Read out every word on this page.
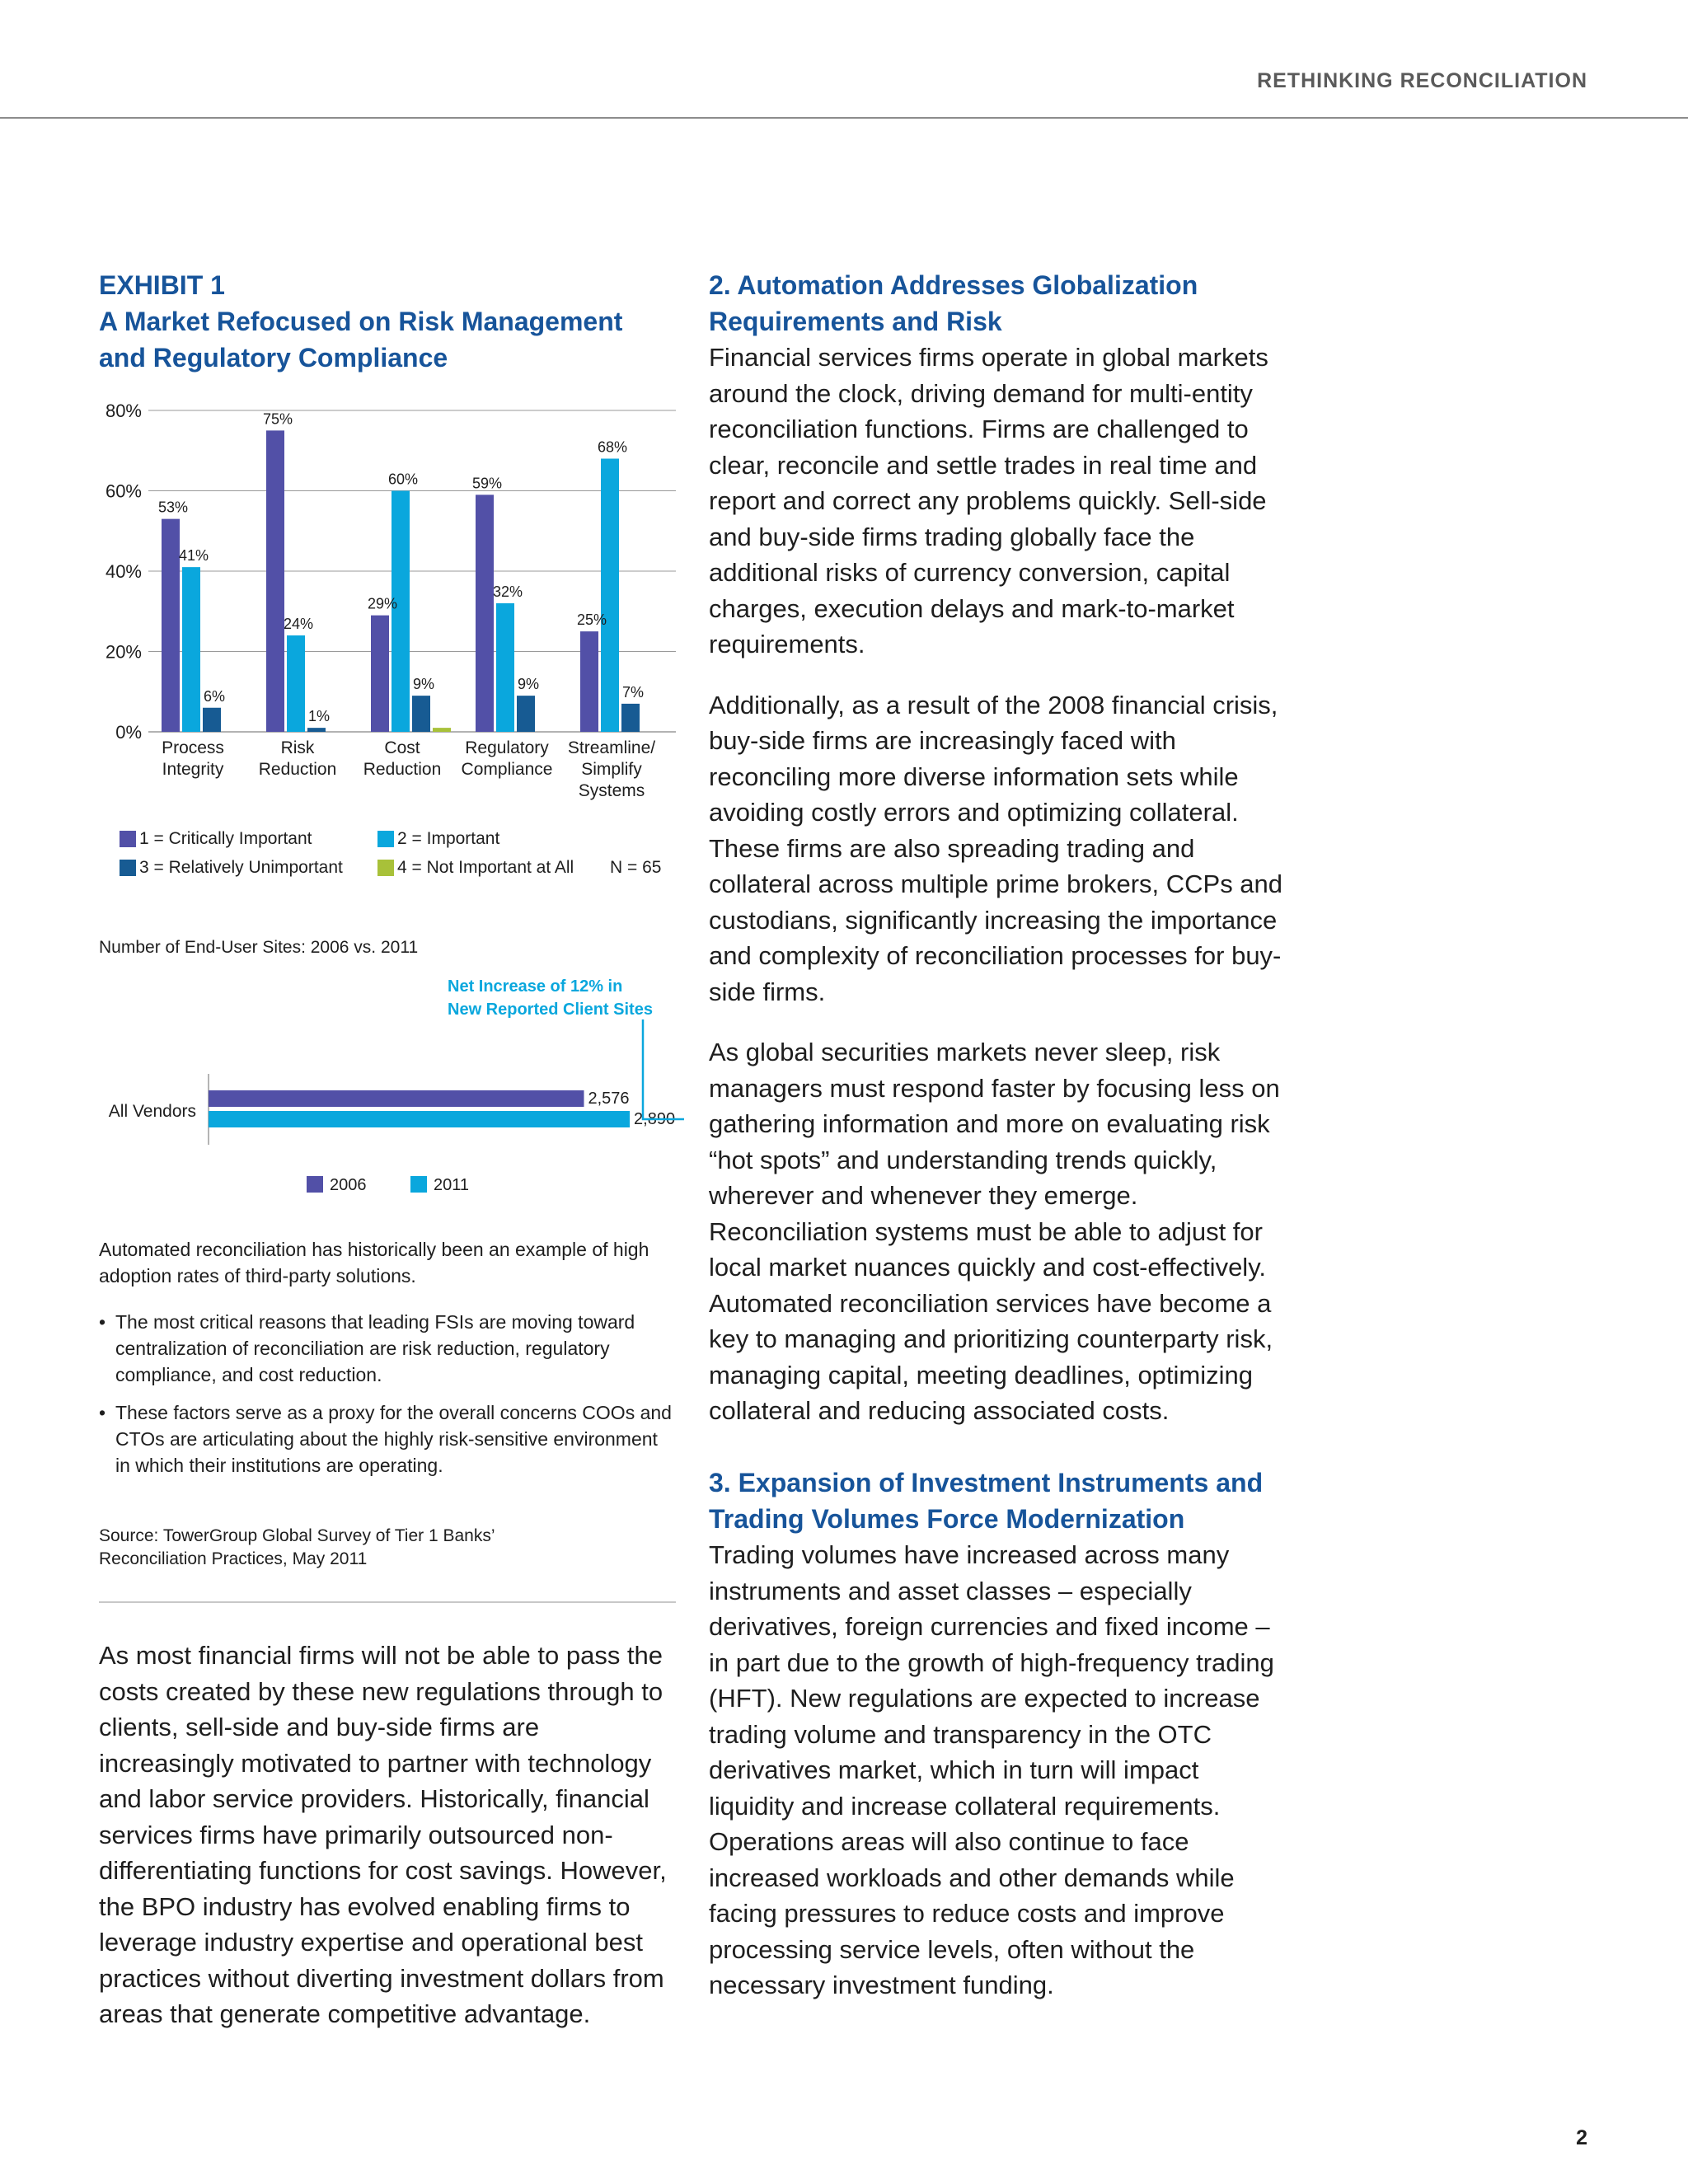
RETHINKING RECONCILIATION
EXHIBIT 1
A Market Refocused on Risk Management
and Regulatory Compliance
0%
20%
40%
60%
80%
53%
41%
6%
75%
24%
1%
29%
60%
9%
59%
32%
9%
25%
68%
7%
Process
Integrity
Risk
Reduction
Cost
Reduction
Regulatory
Compliance
Streamline/
Simplify
Systems
1 = Critically Important	2 = Important
3 = Relatively Unimportant	4 = Not Important at All N = 65
Number of End-User Sites: 2006 vs. 2011
Net Increase of 12% in
New Reported Client Sites
All Vendors
2,576
2,890
2006	2011
Automated reconciliation has historically been an example of high adoption rates of third-party solutions.
• The most critical reasons that leading FSIs are moving toward centralization of reconciliation are risk reduction, regulatory compliance, and cost reduction.
• These factors serve as a proxy for the overall concerns COOs and CTOs are articulating about the highly risk-sensitive environment in which their institutions are operating.
Source: TowerGroup Global Survey of Tier 1 Banks’
Reconciliation Practices, May 2011
As most financial firms will not be able to pass the costs created by these new regulations through to clients, sell-side and buy-side firms are increasingly motivated to partner with technology and labor service providers. Historically, financial services firms have primarily outsourced non-differentiating functions for cost savings. However, the BPO industry has evolved enabling firms to leverage industry expertise and operational best practices without diverting investment dollars from areas that generate competitive advantage.
2. Automation Addresses Globalization
Requirements and Risk

Financial services firms operate in global markets around the clock, driving demand for multi-entity reconciliation functions. Firms are challenged to clear, reconcile and settle trades in real time and report and correct any problems quickly. Sell-side and buy-side firms trading globally face the additional risks of currency conversion, capital charges, execution delays and mark-to-market requirements.

Additionally, as a result of the 2008 financial crisis, buy-side firms are increasingly faced with reconciling more diverse information sets while avoiding costly errors and optimizing collateral. These firms are also spreading trading and collateral across multiple prime brokers, CCPs and custodians, significantly increasing the importance and complexity of reconciliation processes for buy-side firms.

As global securities markets never sleep, risk managers must respond faster by focusing less on gathering information and more on evaluating risk “hot spots” and understanding trends quickly, wherever and whenever they emerge. Reconciliation systems must be able to adjust for local market nuances quickly and cost-effectively. Automated reconciliation services have become a key to managing and prioritizing counterparty risk, managing capital, meeting deadlines, optimizing collateral and reducing associated costs.

3. Expansion of Investment Instruments and
Trading Volumes Force Modernization

Trading volumes have increased across many instruments and asset classes – especially derivatives, foreign currencies and fixed income – in part due to the growth of high-frequency trading (HFT). New regulations are expected to increase trading volume and transparency in the OTC derivatives market, which in turn will impact liquidity and increase collateral requirements. Operations areas will also continue to face increased workloads and other demands while facing pressures to reduce costs and improve processing service levels, often without the necessary investment funding.

2
